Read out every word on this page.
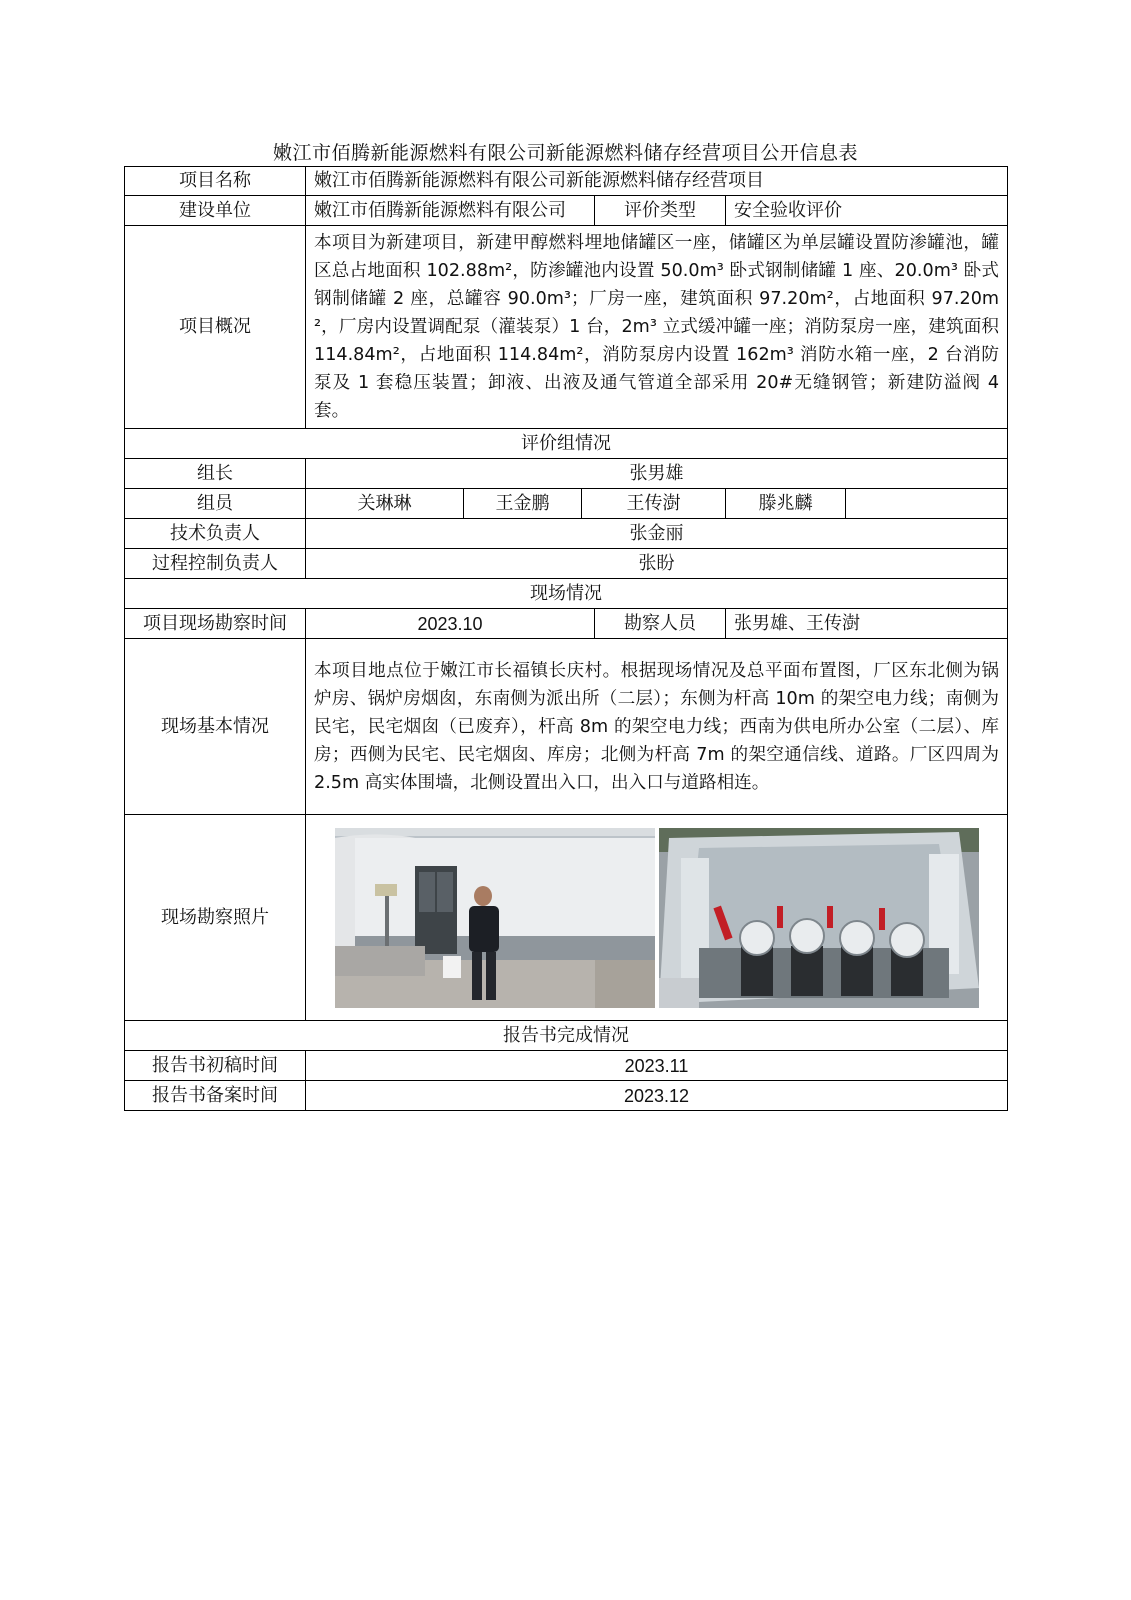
嫩江市佰腾新能源燃料有限公司新能源燃料储存经营项目公开信息表
项目名称	嫩江市佰腾新能源燃料有限公司新能源燃料储存经营项目					
建设单位	嫩江市佰腾新能源燃料有限公司			评价类型	安全验收评价	
项目概况	本项目为新建项目，新建甲醇燃料埋地储罐区一座，储罐区为单层罐设置防渗罐池，罐区总占地面积 102.88m²，防渗罐池内设置 50.0m³ 卧式钢制储罐 1 座、20.0m³ 卧式钢制储罐 2 座，总罐容 90.0m³；厂房一座，建筑面积 97.20m²，占地面积 97.20m²，厂房内设置调配泵（灌装泵）1 台，2m³ 立式缓冲罐一座；消防泵房一座，建筑面积 114.84m²，占地面积 114.84m²，消防泵房内设置 162m³ 消防水箱一座，2 台消防泵及 1 套稳压装置；卸液、出液及通气管道全部采用 20#无缝钢管；新建防溢阀 4 套。					
评价组情况						
组长	张男雄					
组员	关琳琳	王金鹏	王传澍		滕兆麟	
技术负责人	张金丽					
过程控制负责人	张盼					
现场情况						
项目现场勘察时间	2023.10			勘察人员	张男雄、王传澍	
现场基本情况	本项目地点位于嫩江市长福镇长庆村。根据现场情况及总平面布置图，厂区东北侧为锅炉房、锅炉房烟囱，东南侧为派出所（二层）；东侧为杆高 10m 的架空电力线；南侧为民宅，民宅烟囱（已废弃），杆高 8m 的架空电力线；西南为供电所办公室（二层）、库房；西侧为民宅、民宅烟囱、库房；北侧为杆高 7m 的架空通信线、道路。厂区四周为 2.5m 高实体围墙，北侧设置出入口，出入口与道路相连。					
现场勘察照片	

报告书完成情况						
报告书初稿时间	2023.11					
报告书备案时间	2023.12					
